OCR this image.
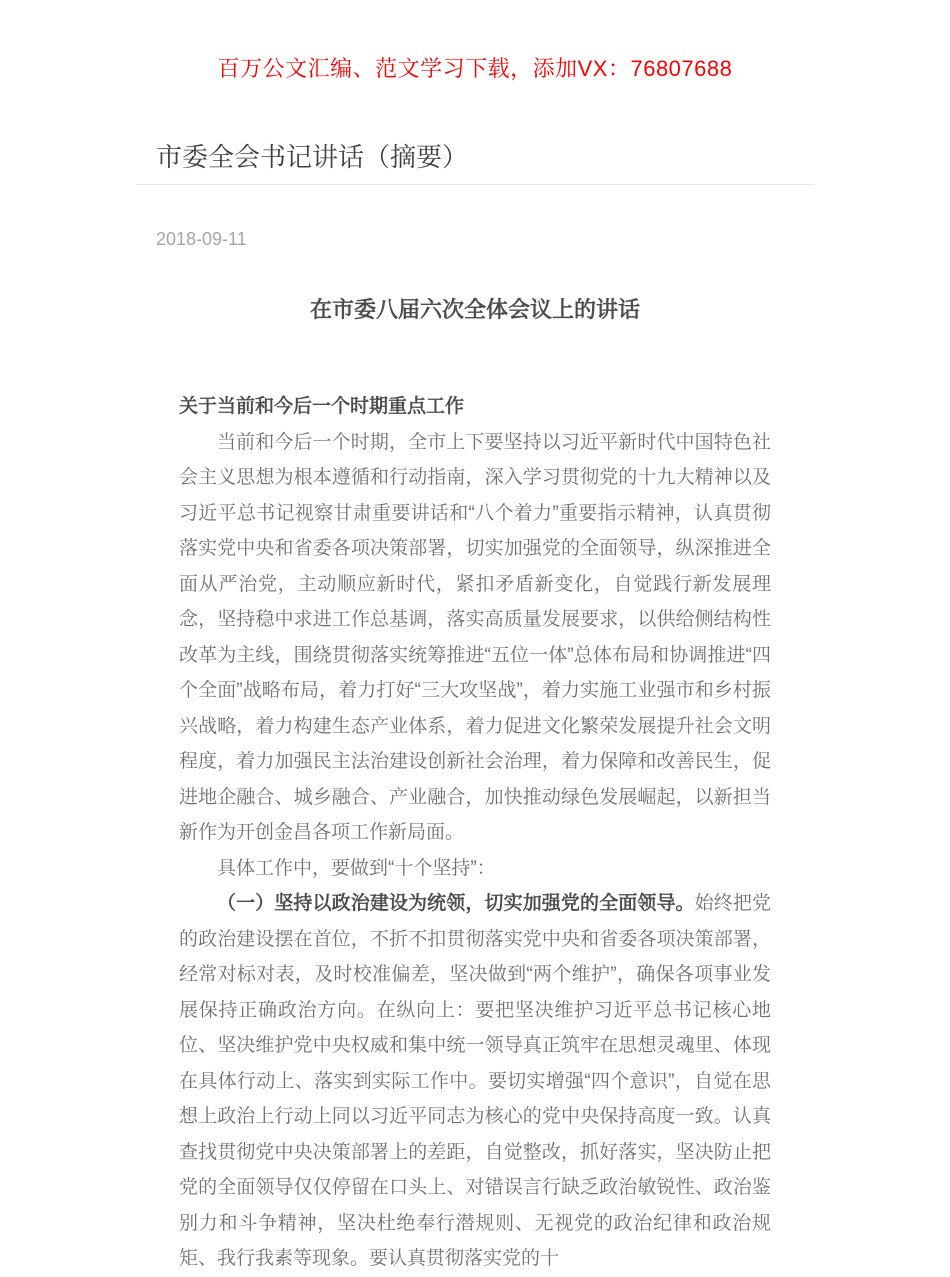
百万公文汇编、范文学习下载，添加VX：76807688
市委全会书记讲话（摘要）
2018-09-11
在市委八届六次全体会议上的讲话

关于当前和今后一个时期重点工作

当前和今后一个时期，全市上下要坚持以习近平新时代中国特色社会主义思想为根本遵循和行动指南，深入学习贯彻党的十九大精神以及习近平总书记视察甘肃重要讲话和“八个着力”重要指示精神，认真贯彻落实党中央和省委各项决策部署，切实加强党的全面领导，纵深推进全面从严治党，主动顺应新时代，紧扣矛盾新变化，自觉践行新发展理念，坚持稳中求进工作总基调，落实高质量发展要求，以供给侧结构性改革为主线，围绕贯彻落实统筹推进“五位一体”总体布局和协调推进“四个全面”战略布局，着力打好“三大攻坚战”，着力实施工业强市和乡村振兴战略，着力构建生态产业体系，着力促进文化繁荣发展提升社会文明程度，着力加强民主法治建设创新社会治理，着力保障和改善民生，促进地企融合、城乡融合、产业融合，加快推动绿色发展崛起，以新担当新作为开创金昌各项工作新局面。

具体工作中，要做到“十个坚持”：

（一）坚持以政治建设为统领，切实加强党的全面领导。始终把党的政治建设摆在首位，不折不扣贯彻落实党中央和省委各项决策部署，经常对标对表，及时校准偏差，坚决做到“两个维护”，确保各项事业发展保持正确政治方向。在纵向上：要把坚决维护习近平总书记核心地位、坚决维护党中央权威和集中统一领导真正筑牢在思想灵魂里、体现在具体行动上、落实到实际工作中。要切实增强“四个意识”，自觉在思想上政治上行动上同以习近平同志为核心的党中央保持高度一致。认真查找贯彻党中央决策部署上的差距，自觉整改，抓好落实，坚决防止把党的全面领导仅仅停留在口头上、对错误言行缺乏政治敏锐性、政治鉴别力和斗争精神，坚决杜绝奉行潜规则、无视党的政治纪律和政治规矩、我行我素等现象。要认真贯彻落实党的十
